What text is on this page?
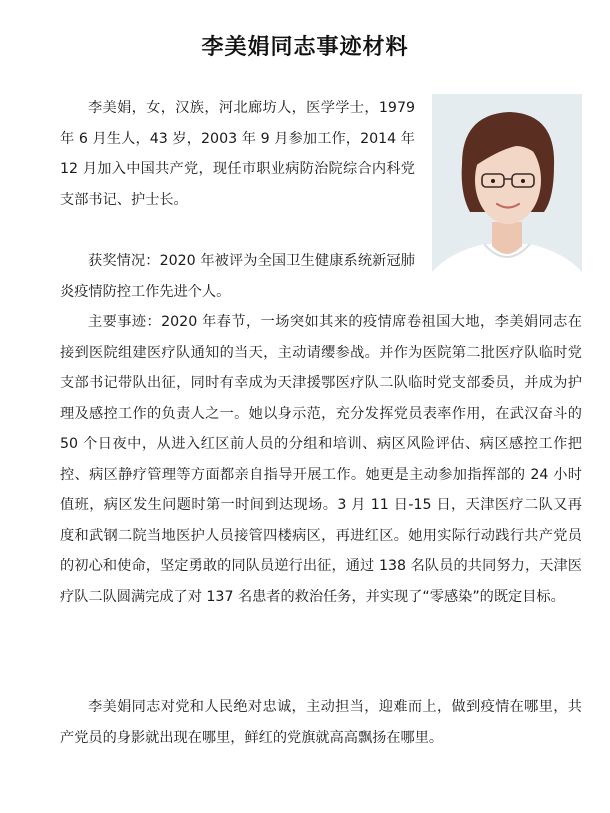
李美娟同志事迹材料

李美娟，女，汉族，河北廊坊人，医学学士，1979 年 6 月生人，43 岁，2003 年 9 月参加工作，2014 年 12 月加入中国共产党，现任市职业病防治院综合内科党支部书记、护士长。

获奖情况：2020 年被评为全国卫生健康系统新冠肺炎疫情防控工作先进个人。

主要事迹：2020 年春节，一场突如其来的疫情席卷祖国大地，李美娟同志在接到医院组建医疗队通知的当天，主动请缨参战。并作为医院第二批医疗队临时党支部书记带队出征，同时有幸成为天津援鄂医疗队二队临时党支部委员，并成为护理及感控工作的负责人之一。她以身示范，充分发挥党员表率作用，在武汉奋斗的 50 个日夜中，从进入红区前人员的分组和培训、病区风险评估、病区感控工作把控、病区静疗管理等方面都亲自指导开展工作。她更是主动参加指挥部的 24 小时值班，病区发生问题时第一时间到达现场。3 月 11 日-15 日，天津医疗二队又再度和武钢二院当地医护人员接管四楼病区，再进红区。她用实际行动践行共产党员的初心和使命，坚定勇敢的同队员逆行出征，通过 138 名队员的共同努力，天津医疗队二队圆满完成了对 137 名患者的救治任务，并实现了“零感染”的既定目标。

李美娟同志对党和人民绝对忠诚，主动担当，迎难而上，做到疫情在哪里，共产党员的身影就出现在哪里，鲜红的党旗就高高飘扬在哪里。
